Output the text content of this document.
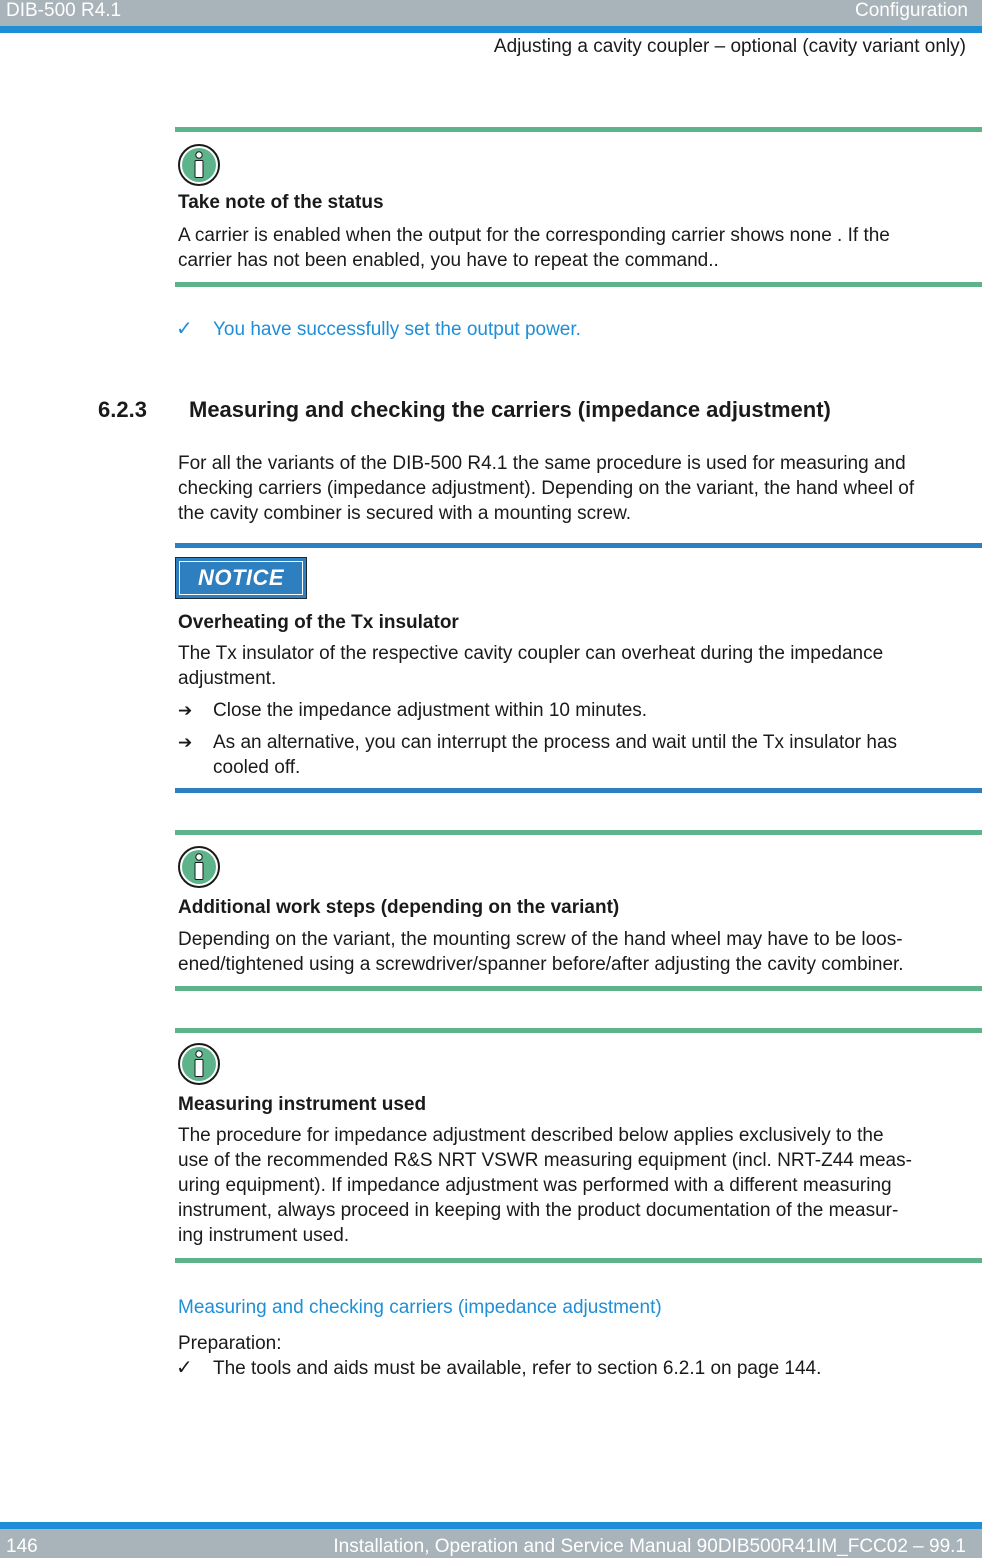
DIB-500 R4.1	Configuration
Adjusting a cavity coupler – optional (cavity variant only)
Take note of the status
A carrier is enabled when the output for the corresponding carrier shows none . If the
carrier has not been enabled, you have to repeat the command..
✓ You have successfully set the output power.
6.2.3 Measuring and checking the carriers (impedance adjustment)
For all the variants of the DIB-500 R4.1 the same procedure is used for measuring and
checking carriers (impedance adjustment). Depending on the variant, the hand wheel of
the cavity combiner is secured with a mounting screw.
NOTICE
Overheating of the Tx insulator
The Tx insulator of the respective cavity coupler can overheat during the impedance
adjustment.
➔ Close the impedance adjustment within 10 minutes.
➔ As an alternative, you can interrupt the process and wait until the Tx insulator has
cooled off.
Additional work steps (depending on the variant)
Depending on the variant, the mounting screw of the hand wheel may have to be loos-
ened/tightened using a screwdriver/spanner before/after adjusting the cavity combiner.
Measuring instrument used
The procedure for impedance adjustment described below applies exclusively to the
use of the recommended R&S NRT VSWR measuring equipment (incl. NRT-Z44 meas-
uring equipment). If impedance adjustment was performed with a different measuring
instrument, always proceed in keeping with the product documentation of the measur-
ing instrument used.
Measuring and checking carriers (impedance adjustment)
Preparation:
✓ The tools and aids must be available, refer to section 6.2.1 on page 144.
146	Installation, Operation and Service Manual 90DIB500R41IM_FCC02 – 99.1
